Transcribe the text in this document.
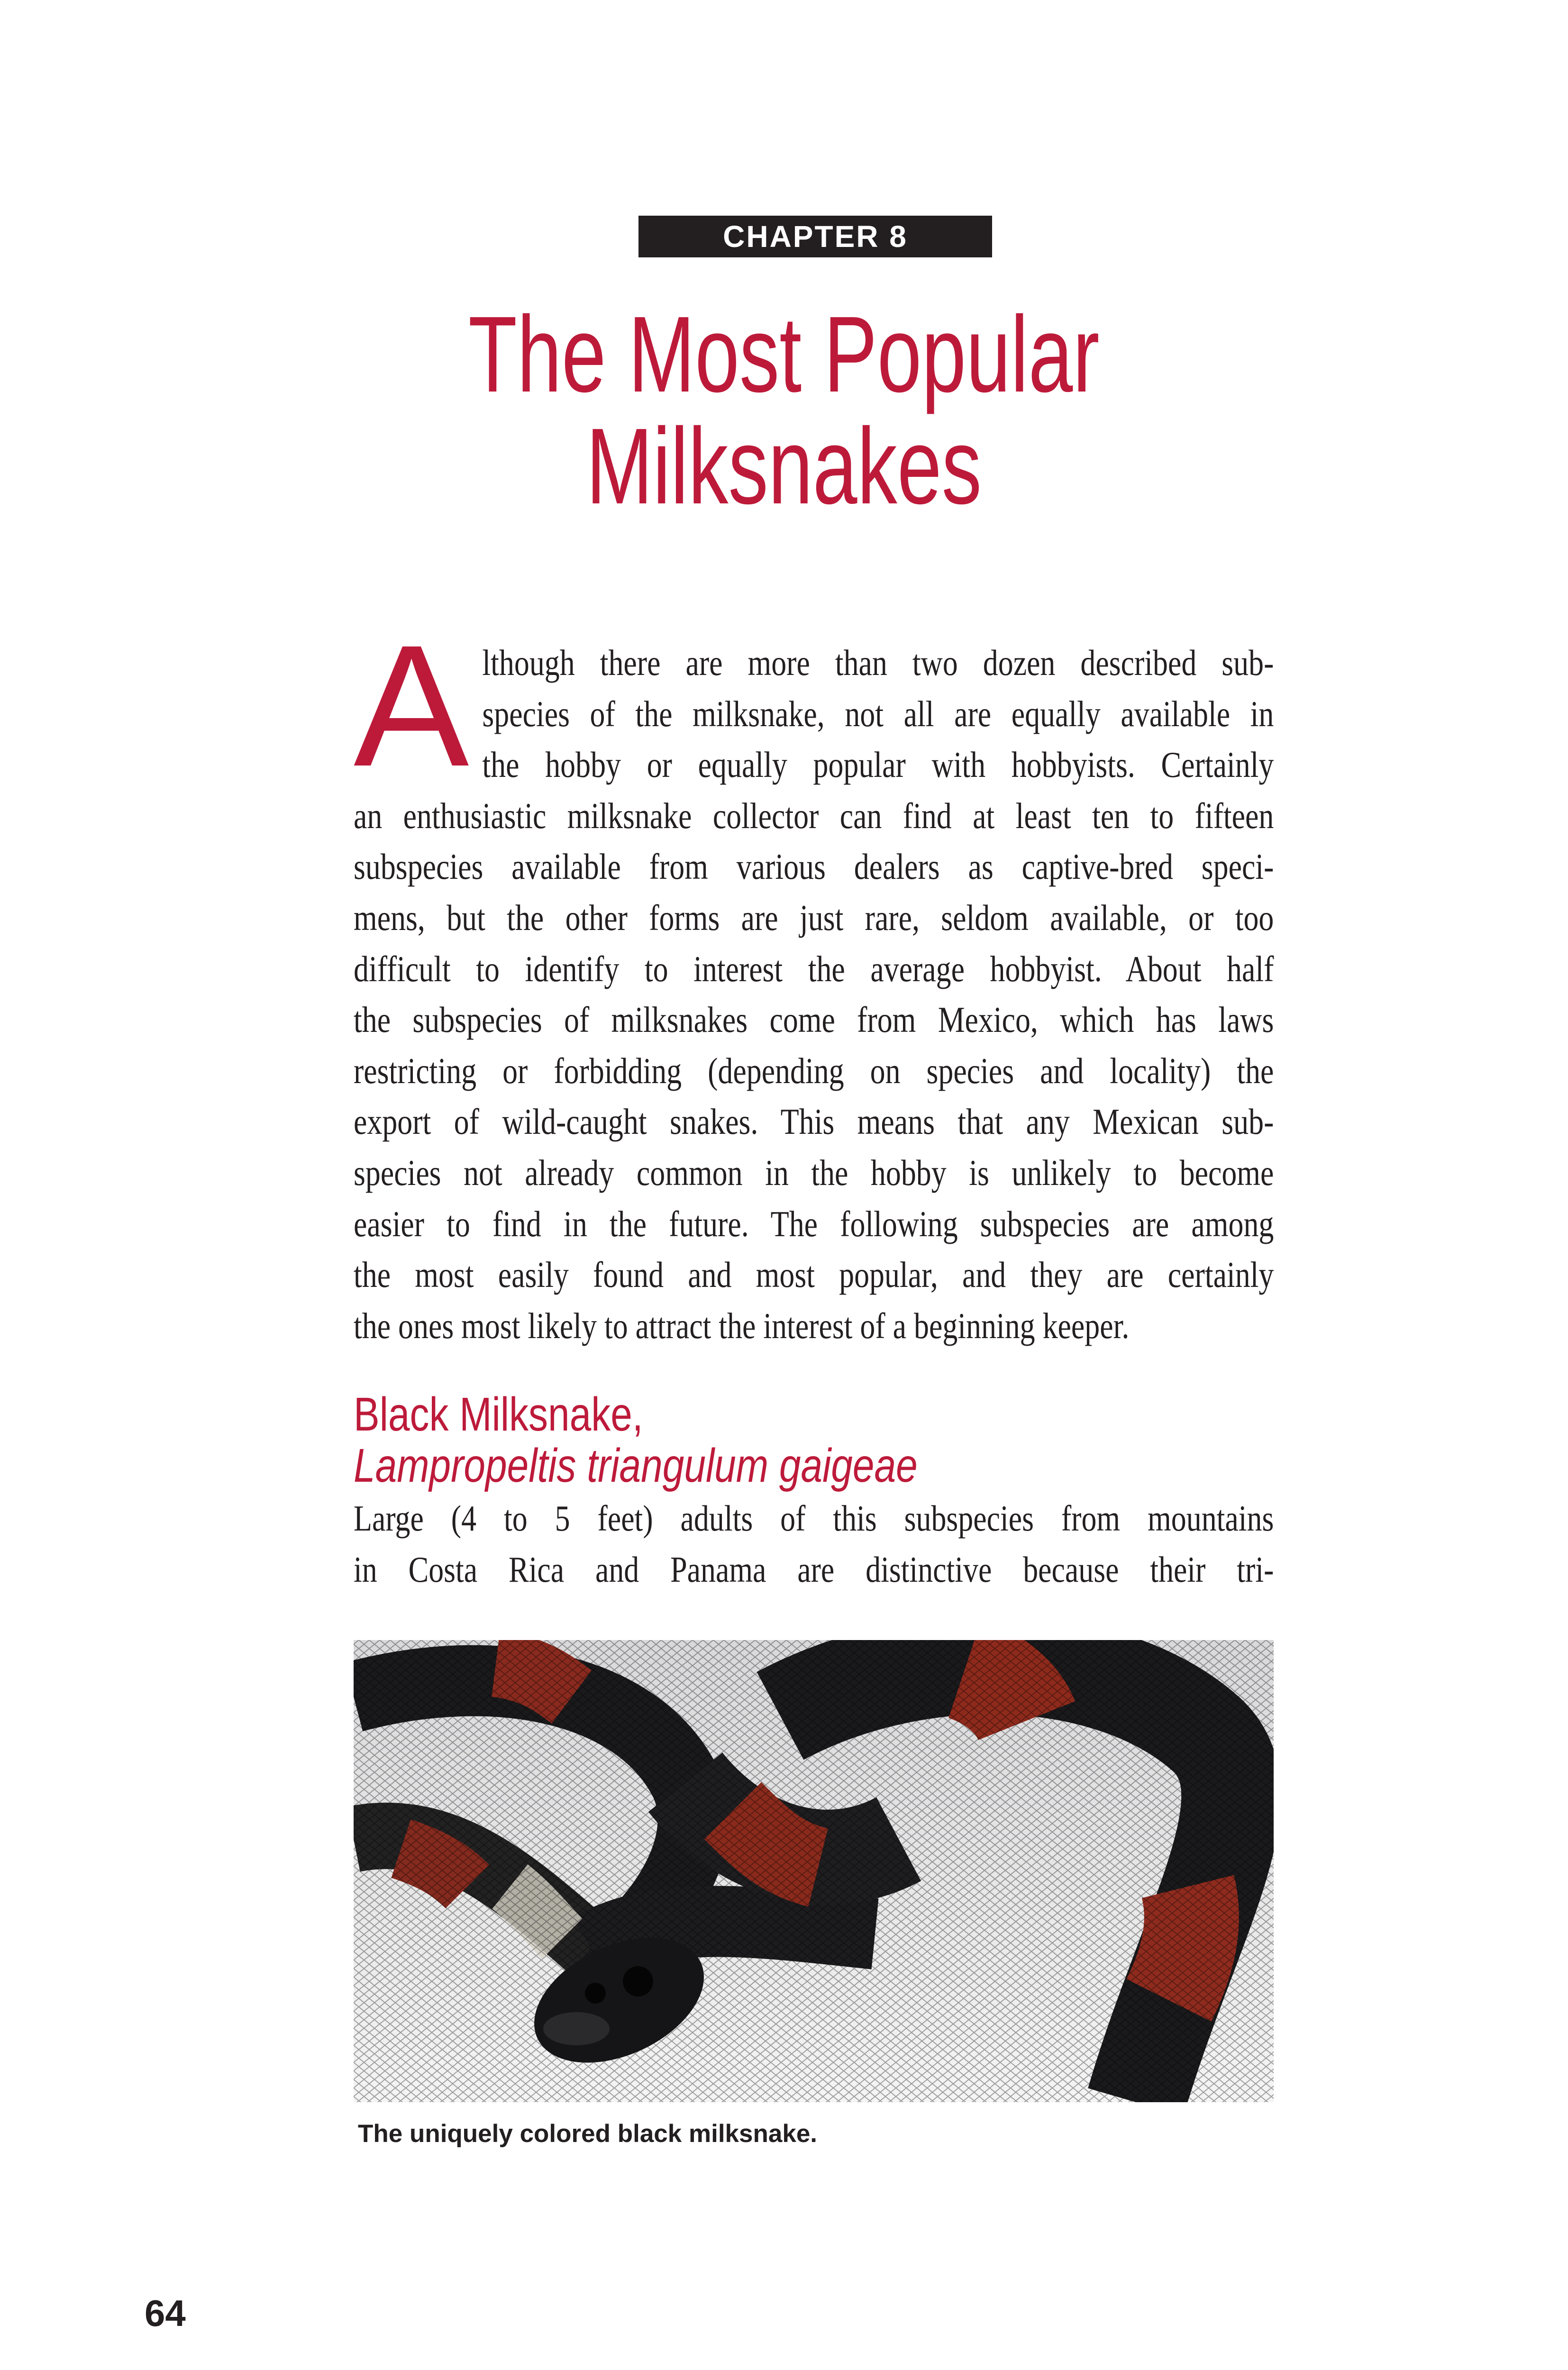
CHAPTER 8
The Most Popular
Milksnakes
A lthough there are more than two dozen described sub-
species of the milksnake, not all are equally available in
the hobby or equally popular with hobbyists. Certainly
an enthusiastic milksnake collector can find at least ten to fifteen
subspecies available from various dealers as captive-bred speci-
mens, but the other forms are just rare, seldom available, or too
difficult to identify to interest the average hobbyist. About half
the subspecies of milksnakes come from Mexico, which has laws
restricting or forbidding (depending on species and locality) the
export of wild-caught snakes. This means that any Mexican sub-
species not already common in the hobby is unlikely to become
easier to find in the future. The following subspecies are among
the most easily found and most popular, and they are certainly
the ones most likely to attract the interest of a beginning keeper.
Black Milksnake,
Lampropeltis triangulum gaigeae
Large (4 to 5 feet) adults of this subspecies from mountains
in Costa Rica and Panama are distinctive because their tri-
The uniquely colored black milksnake.
64
